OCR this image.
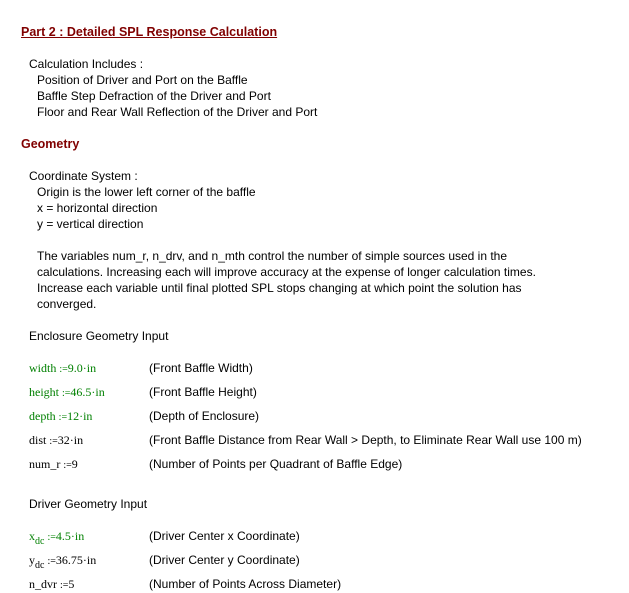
Part 2 : Detailed SPL Response Calculation
Calculation Includes :
Position of Driver and Port on the Baffle
Baffle Step Defraction of the Driver and Port
Floor and Rear Wall Reflection of the Driver and Port
Geometry
Coordinate System :
Origin is the lower left corner of the baffle
x = horizontal direction
y = vertical direction
The variables num_r, n_drv, and n_mth control the number of simple sources used in the
calculations. Increasing each will improve accuracy at the expense of longer calculation times.
Increase each variable until final plotted SPL stops changing at which point the solution has
converged.
Enclosure Geometry Input
width :=9.0·in	(Front Baffle Width)
height :=46.5·in	(Front Baffle Height)
depth :=12·in	(Depth of Enclosure)
dist :=32·in	(Front Baffle Distance from Rear Wall > Depth, to Eliminate Rear Wall use 100 m)
num_r :=9	(Number of Points per Quadrant of Baffle Edge)
Driver Geometry Input
$x_{dc}$ :=4.5·in	(Driver Center x Coordinate)
$y_{dc}$ :=36.75·in	(Driver Center y Coordinate)
n_dvr :=5	(Number of Points Across Diameter)
